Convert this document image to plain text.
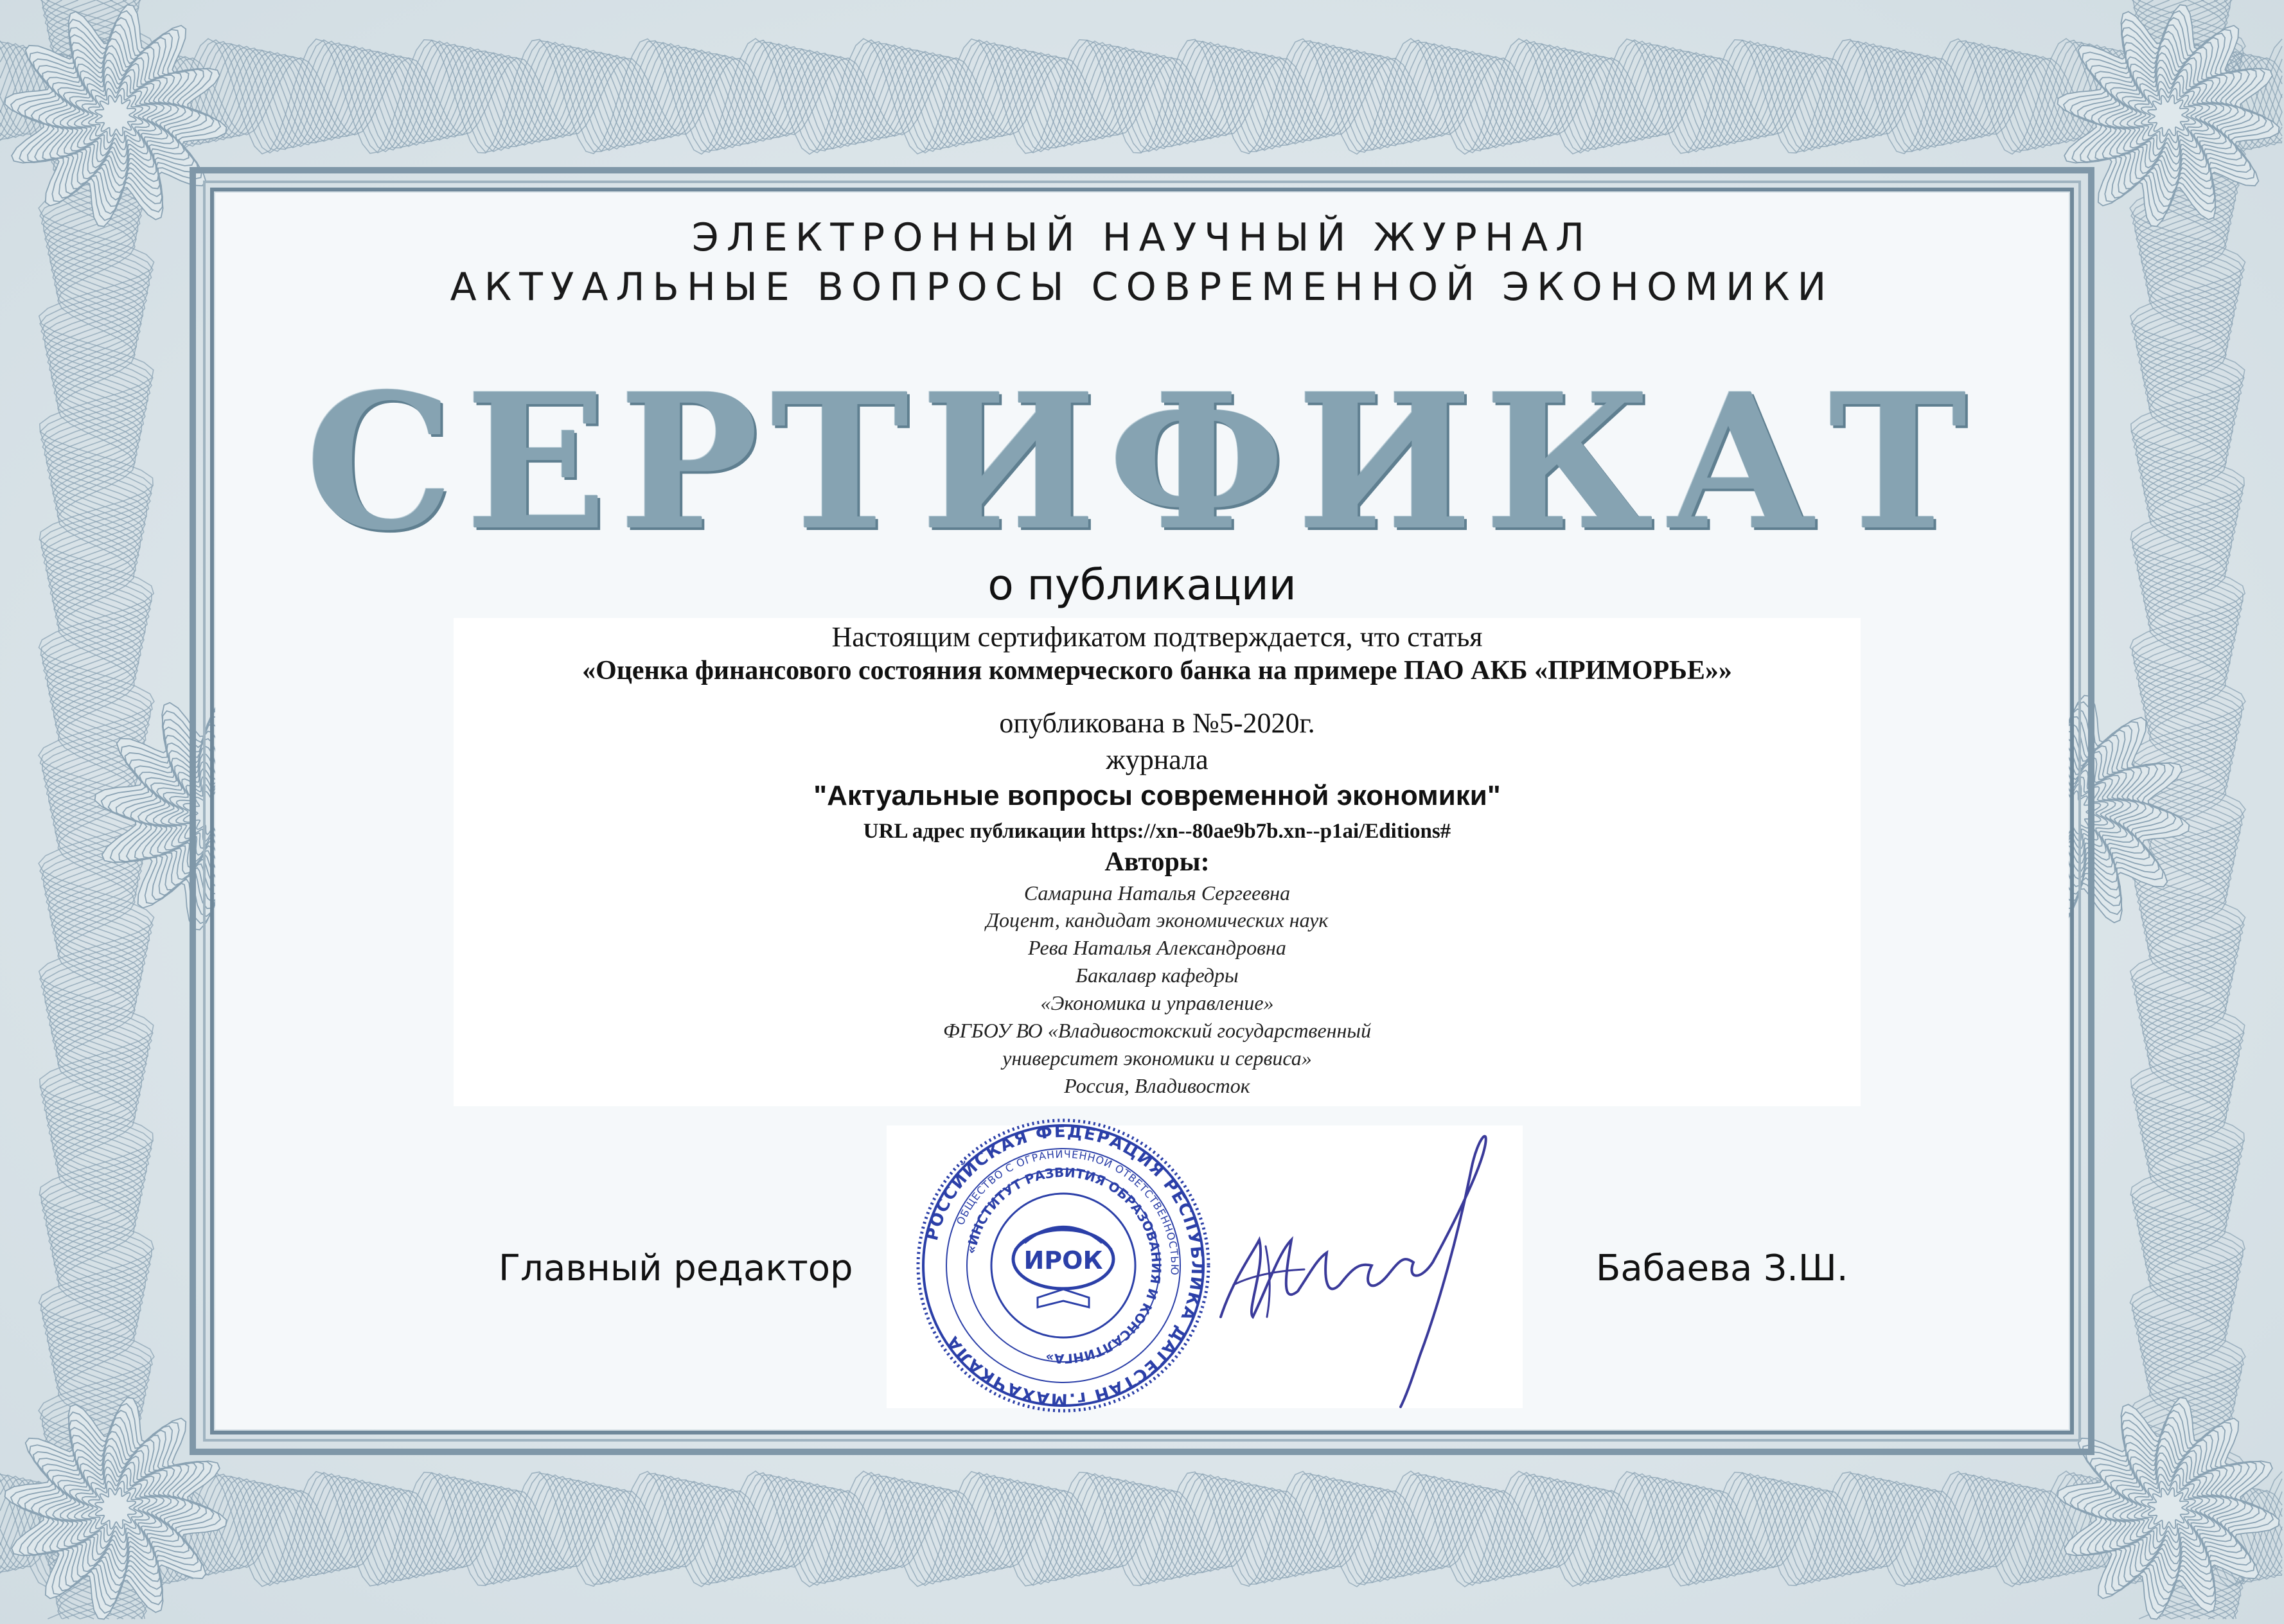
ЭЛЕКТРОННЫЙ НАУЧНЫЙ ЖУРНАЛ
АКТУАЛЬНЫЕ ВОПРОСЫ СОВРЕМЕННОЙ ЭКОНОМИКИ
СЕРТИФИКАТ
о публикации
Настоящим сертификатом подтверждается, что статья
«Оценка финансового состояния коммерческого банка на примере ПАО АКБ «ПРИМОРЬЕ»»
опубликована в №5-2020г.
журнала
"Актуальные вопросы современной экономики"
URL адрес публикации https://xn--80ae9b7b.xn--p1ai/Editions#
Авторы:
Самарина Наталья Сергеевна
Доцент, кандидат экономических наук
Рева Наталья Александровна
Бакалавр кафедры
«Экономика и управление»
ФГБОУ ВО «Владивостокский государственный
университет экономики и сервиса»
Россия, Владивосток
Главный редактор	Бабаева З.Ш.
РОССИЙСКАЯ ФЕДЕРАЦИЯ РЕСПУБЛИКА ДАГЕСТАН г.МАХАЧКАЛА
ОБЩЕСТВО С ОГРАНИЧЕННОЙ ОТВЕТСТВЕННОСТЬЮ
«ИНСТИТУТ РАЗВИТИЯ ОБРАЗОВАНИЯ И КОНСАЛТИНГА»
ИРОК
